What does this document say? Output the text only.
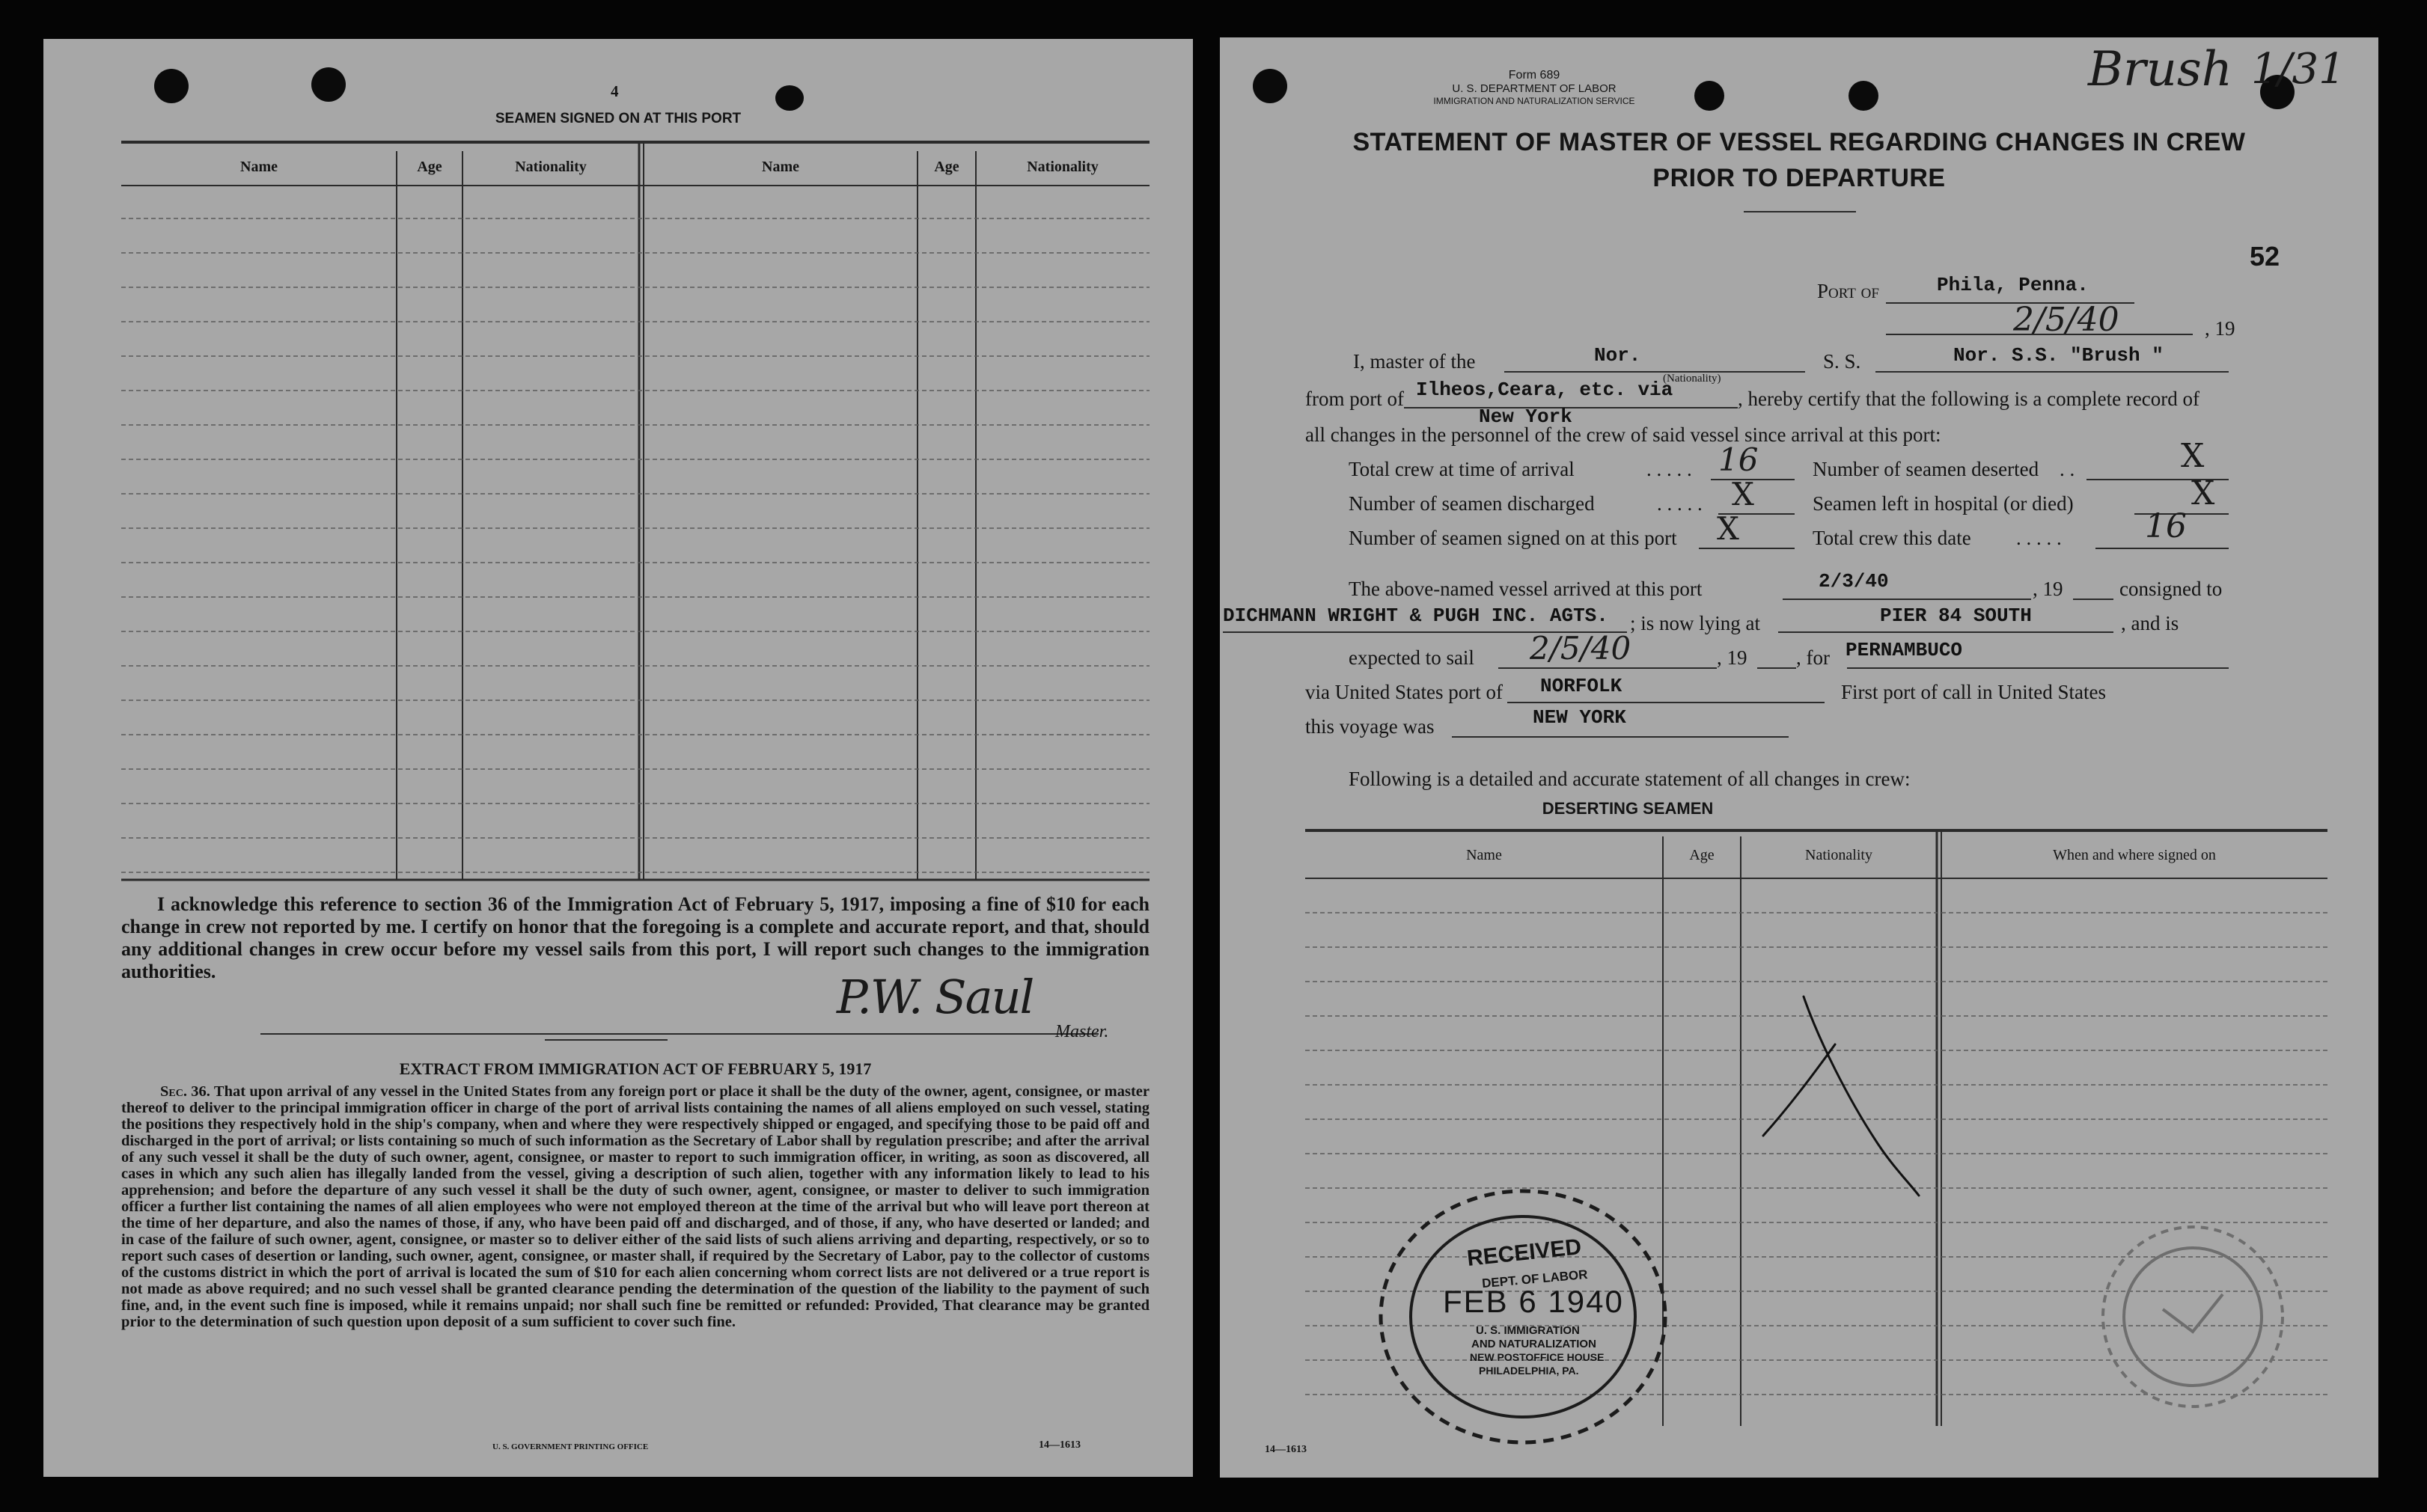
4
SEAMEN SIGNED ON AT THIS PORT
Name	Age	Nationality	Name	Age	Nationality
I acknowledge this reference to section 36 of the Immigration Act of February 5, 1917, imposing a fine of $10 for each change in crew not reported by me. I certify on honor that the foregoing is a complete and accurate report, and that, should any additional changes in crew occur before my vessel sails from this port, I will report such changes to the immigration authorities.	P.W. Saul
Master.
EXTRACT FROM IMMIGRATION ACT OF FEBRUARY 5, 1917
Sec. 36. That upon arrival of any vessel in the United States from any foreign port or place it shall be the duty of the owner, agent, consignee, or master thereof to deliver to the principal immigration officer in charge of the port of arrival lists containing the names of all aliens employed on such vessel, stating the positions they respectively hold in the ship's company, when and where they were respectively shipped or engaged, and specifying those to be paid off and discharged in the port of arrival; or lists containing so much of such information as the Secretary of Labor shall by regulation prescribe; and after the arrival of any such vessel it shall be the duty of such owner, agent, consignee, or master to report to such immigration officer, in writing, as soon as discovered, all cases in which any such alien has illegally landed from the vessel, giving a description of such alien, together with any information likely to lead to his apprehension; and before the departure of any such vessel it shall be the duty of such owner, agent, consignee, or master to deliver to such immigration officer a further list containing the names of all alien employees who were not employed thereon at the time of the arrival but who will leave port thereon at the time of her departure, and also the names of those, if any, who have been paid off and discharged, and of those, if any, who have deserted or landed; and in case of the failure of such owner, agent, consignee, or master so to deliver either of the said lists of such aliens arriving and departing, respectively, or so to report such cases of desertion or landing, such owner, agent, consignee, or master shall, if required by the Secretary of Labor, pay to the collector of customs of the customs district in which the port of arrival is located the sum of $10 for each alien concerning whom correct lists are not delivered or a true report is not made as above required; and no such vessel shall be granted clearance pending the determination of the question of the liability to the payment of such fine, and, in the event such fine is imposed, while it remains unpaid; nor shall such fine be remitted or refunded: Provided, That clearance may be granted prior to the determination of such question upon deposit of a sum sufficient to cover such fine.
U. S. GOVERNMENT PRINTING OFFICE	14—1613
Form 689
U. S. DEPARTMENT OF LABOR
IMMIGRATION AND NATURALIZATION SERVICE
Brush 1/31
STATEMENT OF MASTER OF VESSEL REGARDING CHANGES IN CREW
PRIOR TO DEPARTURE
52
Port of	Phila, Penna.
2/5/40	, 19
I, master of the	Nor.	S. S.	Nor. S.S. "Brush "
from port of
(Nationality)
Ilheos,Ceara, etc. via
New York
, hereby certify that the following is a complete record of
all changes in the personnel of the crew of said vessel since arrival at this port:
Total crew at time of arrival	. . . . . 16	Number of seamen deserted . .	X
Number of seamen discharged	. . . . . X	Seamen left in hospital (or died)	X
Number of seamen signed on at this port X	Total crew this date . . . . .	16
The above-named vessel arrived at this port	2/3/40	, 19	consigned to
DICHMANN WRIGHT & PUGH INC. AGTS. ; is now lying at	PIER 84 SOUTH	, and is
expected to sail 2/5/40	, 19 , for PERNAMBUCO
via United States port of NORFOLK	First port of call in United States
this voyage was	NEW YORK
Following is a detailed and accurate statement of all changes in crew:
DESERTING SEAMEN
Name	Age	Nationality	When and where signed on
RECEIVED
DEPT. OF LABOR
FEB 6 1940
U. S. IMMIGRATION
AND NATURALIZATION
NEW POSTOFFICE HOUSE
PHILADELPHIA, PA.
14—1613
